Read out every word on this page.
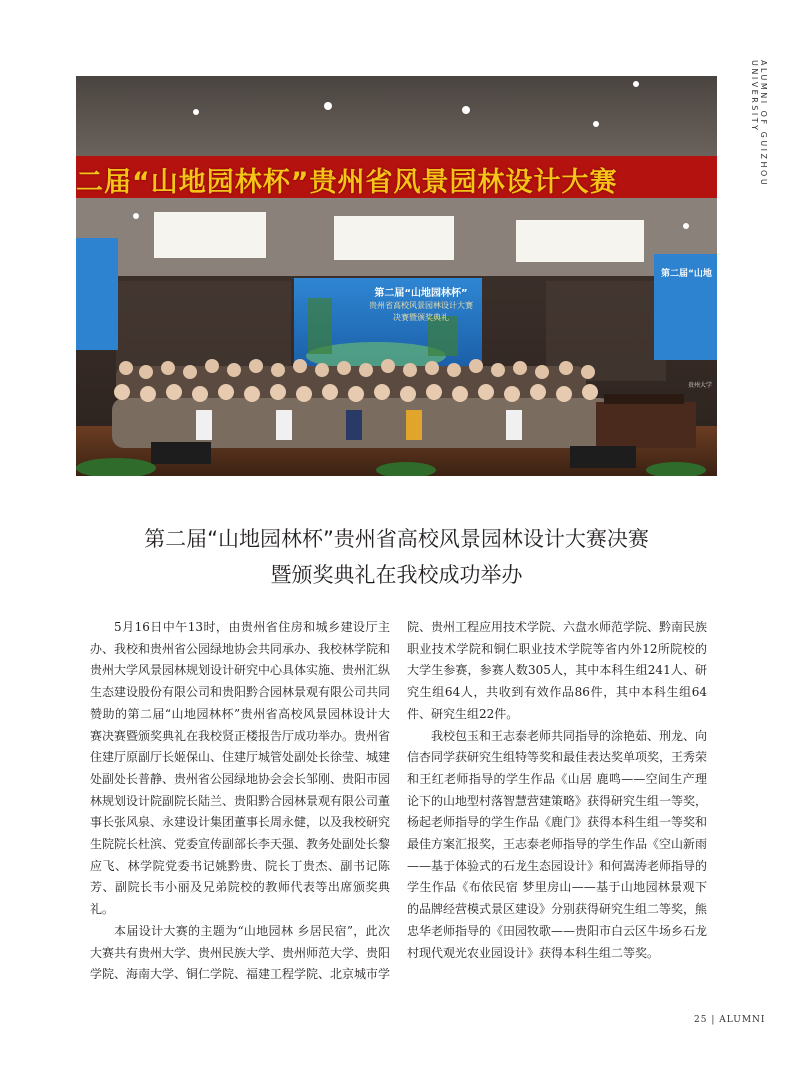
ALUMNI OF GUIZHOU UNIVERSITY
二届“山地园林杯”贵州省风景园林设计大赛
第二届“山地园林杯”
贵州省高校风景园林设计大赛
决赛暨颁奖典礼
第二届“山地
贵州大学
第二届“山地园林杯”贵州省高校风景园林设计大赛决赛
暨颁奖典礼在我校成功举办

5月16日中午13时，由贵州省住房和城乡建设厅主办、我校和贵州省公园绿地协会共同承办、我校林学院和贵州大学风景园林规划设计研究中心具体实施、贵州汇纵生态建设股份有限公司和贵阳黔合园林景观有限公司共同赞助的第二届“山地园林杯”贵州省高校风景园林设计大赛决赛暨颁奖典礼在我校贤正楼报告厅成功举办。贵州省住建厅原副厅长姬保山、住建厅城管处副处长徐莹、城建处副处长普静、贵州省公园绿地协会会长邹刚、贵阳市园林规划设计院副院长陆兰、贵阳黔合园林景观有限公司董事长张风泉、永建设计集团董事长周永健，以及我校研究生院院长杜滨、党委宣传副部长李天强、教务处副处长黎应飞、林学院党委书记姚黔贵、院长丁贵杰、副书记陈芳、副院长韦小丽及兄弟院校的教师代表等出席颁奖典礼。

本届设计大赛的主题为“山地园林 乡居民宿”，此次大赛共有贵州大学、贵州民族大学、贵州师范大学、贵阳学院、海南大学、铜仁学院、福建工程学院、北京城市学

院、贵州工程应用技术学院、六盘水师范学院、黔南民族职业技术学院和铜仁职业技术学院等省内外12所院校的大学生参赛，参赛人数305人，其中本科生组241人、研究生组64人，共收到有效作品86件，其中本科生组64件、研究生组22件。

我校包玉和王志泰老师共同指导的涂艳茹、刑龙、向信杏同学获研究生组特等奖和最佳表达奖单项奖，王秀荣和王红老师指导的学生作品《山居 鹿鸣——空间生产理论下的山地型村落智慧营建策略》获得研究生组一等奖，杨起老师指导的学生作品《鹿门》获得本科生组一等奖和最佳方案汇报奖，王志泰老师指导的学生作品《空山新雨——基于体验式的石龙生态园设计》和何嵩涛老师指导的学生作品《布依民宿 梦里房山——基于山地园林景观下的品牌经营模式景区建设》分别获得研究生组二等奖，熊忠华老师指导的《田园牧歌——贵阳市白云区牛场乡石龙村现代观光农业园设计》获得本科生组二等奖。

25 | ALUMNI
